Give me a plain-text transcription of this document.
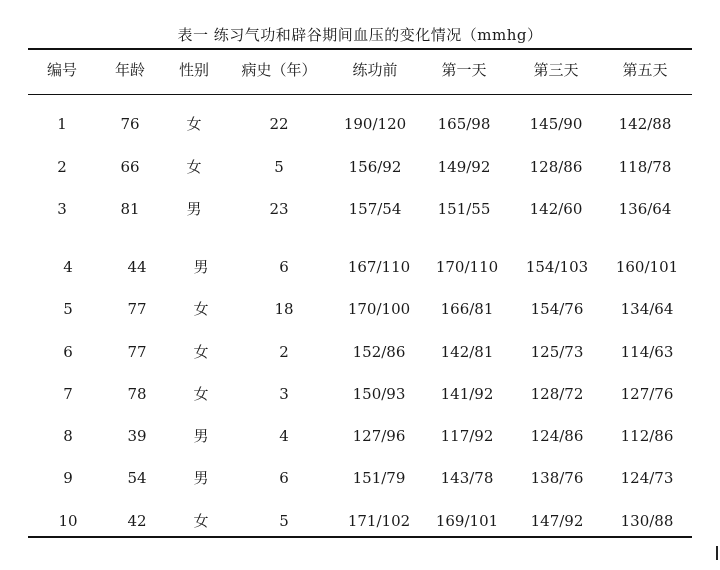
表一 练习气功和辟谷期间血压的变化情况（mmhg）
编号	年龄 性别 病史（年） 练功前	第一天	第三天	第五天
1	76	女	22	190/120 165/98	145/90 142/88
2	66	女	5	156/92 149/92	128/86 118/78
3	81	男	23	157/54 151/55	142/60 136/64
4	44	男	6	167/110 170/110 154/103 160/101
5	77	女	18	170/100 166/81 154/76 134/64
6	77	女	2	152/86 142/81 125/73 114/63
7	78	女	3	150/93 141/92 128/72 127/76
8	39	男	4	127/96 117/92 124/86 112/86
9	54	男	6	151/79 143/78 138/76 124/73
10	42	女	5	171/102 169/101 147/92 130/88
